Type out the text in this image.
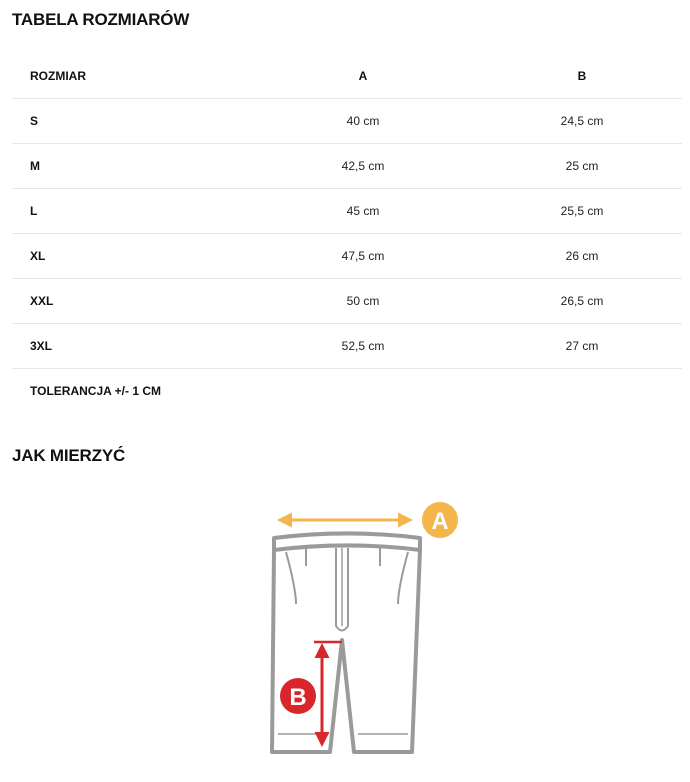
TABELA ROZMIARÓW
ROZMIAR	A	B
S	40 cm	24,5 cm
M	42,5 cm	25 cm
L	45 cm	25,5 cm
XL	47,5 cm	26 cm
XXL	50 cm	26,5 cm
3XL	52,5 cm	27 cm
TOLERANCJA +/- 1 CM
JAK MIERZYĆ
A
B
